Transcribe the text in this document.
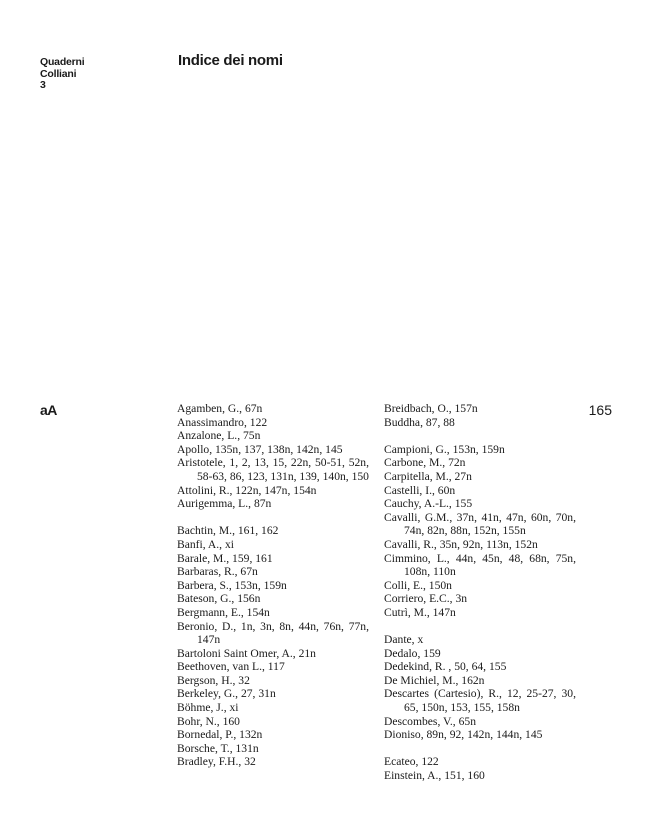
Quaderni
Colliani
3
Indice dei nomi
aA	165
Agamben, G., 67n
Anassimandro, 122
Anzalone, L., 75n
Apollo, 135n, 137, 138n, 142n, 145
Aristotele, 1, 2, 13, 15, 22n, 50-51, 52n, 58-63, 86, 123, 131n, 139, 140n, 150
Attolini, R., 122n, 147n, 154n
Aurigemma, L., 87n
Bachtin, M., 161, 162
Banfi, A., xi
Barale, M., 159, 161
Barbaras, R., 67n
Barbera, S., 153n, 159n
Bateson, G., 156n
Bergmann, E., 154n
Beronio, D., 1n, 3n, 8n, 44n, 76n, 77n, 147n
Bartoloni Saint Omer, A., 21n
Beethoven, van L., 117
Bergson, H., 32
Berkeley, G., 27, 31n
Böhme, J., xi
Bohr, N., 160
Bornedal, P., 132n
Borsche, T., 131n
Bradley, F.H., 32
Breidbach, O., 157n
Buddha, 87, 88
Campioni, G., 153n, 159n
Carbone, M., 72n
Carpitella, M., 27n
Castelli, I., 60n
Cauchy, A.-L., 155
Cavalli, G.M., 37n, 41n, 47n, 60n, 70n, 74n, 82n, 88n, 152n, 155n
Cavalli, R., 35n, 92n, 113n, 152n
Cimmino, L., 44n, 45n, 48, 68n, 75n, 108n, 110n
Colli, E., 150n
Corriero, E.C., 3n
Cutrì, M., 147n
Dante, x
Dedalo, 159
Dedekind, R. , 50, 64, 155
De Michiel, M., 162n
Descartes (Cartesio), R., 12, 25-27, 30, 65, 150n, 153, 155, 158n
Descombes, V., 65n
Dioniso, 89n, 92, 142n, 144n, 145
Ecateo, 122
Einstein, A., 151, 160
